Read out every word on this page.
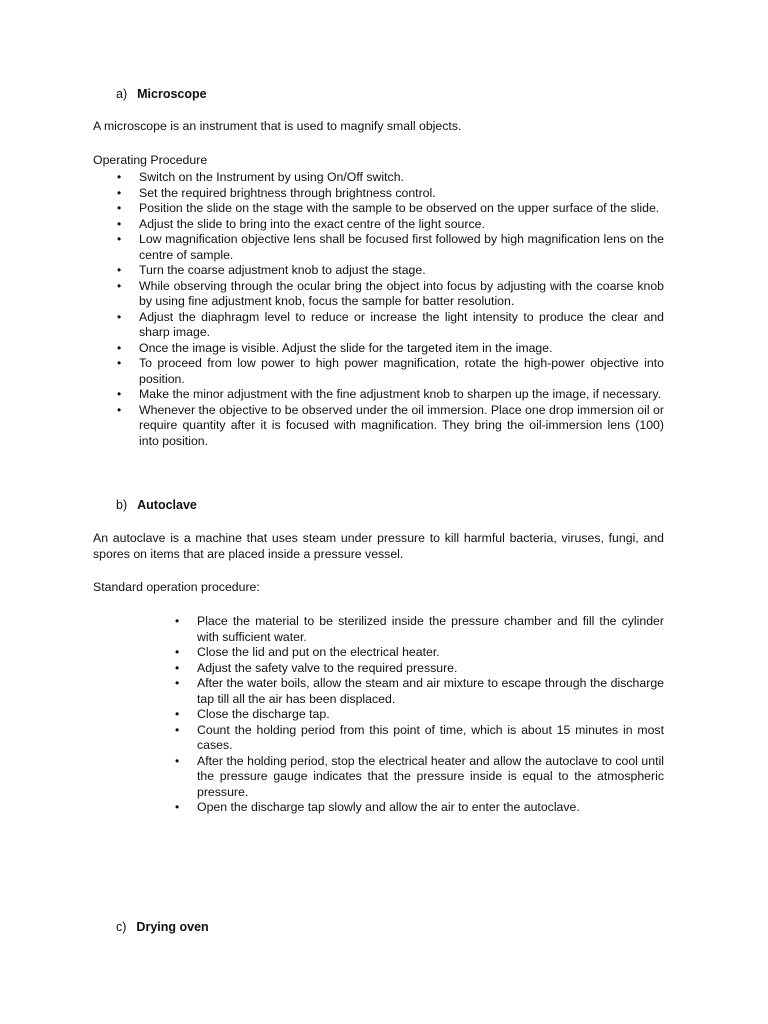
a) Microscope
A microscope is an instrument that is used to magnify small objects.
Operating Procedure
• Switch on the Instrument by using On/Off switch.
• Set the required brightness through brightness control.
• Position the slide on the stage with the sample to be observed on the upper surface of the slide.
• Adjust the slide to bring into the exact centre of the light source.
• Low magnification objective lens shall be focused first followed by high magnification lens on the centre of sample.
• Turn the coarse adjustment knob to adjust the stage.
• While observing through the ocular bring the object into focus by adjusting with the coarse knob by using fine adjustment knob, focus the sample for batter resolution.
• Adjust the diaphragm level to reduce or increase the light intensity to produce the clear and sharp image.
• Once the image is visible. Adjust the slide for the targeted item in the image.
• To proceed from low power to high power magnification, rotate the high-power objective into position.
• Make the minor adjustment with the fine adjustment knob to sharpen up the image, if necessary.
• Whenever the objective to be observed under the oil immersion. Place one drop immersion oil or require quantity after it is focused with magnification. They bring the oil-immersion lens (100) into position.
b) Autoclave
An autoclave is a machine that uses steam under pressure to kill harmful bacteria, viruses, fungi, and spores on items that are placed inside a pressure vessel.
Standard operation procedure:
• Place the material to be sterilized inside the pressure chamber and fill the cylinder with sufficient water.
• Close the lid and put on the electrical heater.
• Adjust the safety valve to the required pressure.
• After the water boils, allow the steam and air mixture to escape through the discharge tap till all the air has been displaced.
• Close the discharge tap.
• Count the holding period from this point of time, which is about 15 minutes in most cases.
• After the holding period, stop the electrical heater and allow the autoclave to cool until the pressure gauge indicates that the pressure inside is equal to the atmospheric pressure.
• Open the discharge tap slowly and allow the air to enter the autoclave.
c) Drying oven
